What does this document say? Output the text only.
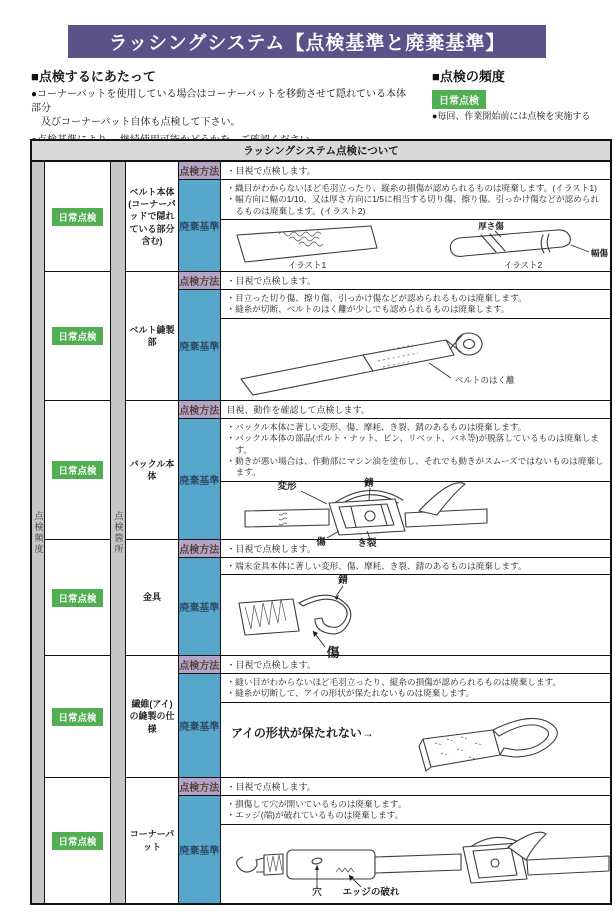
ラッシングシステム【点検基準と廃棄基準】
■点検するにあたって
●コーナーパットを使用している場合はコーナーパットを移動させて隠れている本体部分
　及びコーナーパット自体も点検して下さい。
■点検の頻度
日常点検
●毎回、作業開始前には点検を実施する
ラッシングシステム点検について
点検頻度	点検箇所
日常点検
ベルト本体 (コーナーパッドで隠れている部分含む)
点検方法 ・目視で点検します。
廃棄基準
・織目がわからないほど毛羽立ったり、縦糸の損傷が認められるものは廃棄します。(イラスト1)
・幅方向に幅の1/10、又は厚さ方向に1/5に相当する切り傷、擦り傷、引っかけ傷などが認められるものは廃棄します。(イラスト2)
イラスト1
厚さ傷
幅傷
イラスト2
日常点検
ベルト縫製部
点検方法 ・目視で点検します。
廃棄基準
・目立った切り傷、擦り傷、引っかけ傷などが認められるものは廃棄します。
・縫糸が切断、ベルトのはく離が少しでも認められるものは廃棄します。
ベルトのはく離
日常点検
バックル本体
点検方法 目視、動作を確認して点検します。
廃棄基準
・バックル本体に著しい変形、傷、摩耗、き裂、錆のあるものは廃棄します。
・バックル本体の部品(ボルト・ナット、ピン、リベット、バネ等)が脱落しているものは廃棄します。
・動きが悪い場合は、作動部にマシン油を塗布し、それでも動きがスムーズではないものは廃棄します。
変形	錆
傷	き裂
日常点検	金具
点検方法 ・目視で点検します。
廃棄基準
・端末金具本体に著しい変形、傷、摩耗、き裂、錆のあるものは廃棄します。
錆
傷
日常点検
繊維(アイ)の縫製の仕様
点検方法 ・目視で点検します。
廃棄基準
・縫い目がわからないほど毛羽立ったり、縦糸の損傷が認められるものは廃棄します。
・縫糸が切断して、アイの形状が保たれないものは廃棄します。
アイの形状が保たれない→
日常点検
コーナーパット
点検方法 ・目視で点検します。
廃棄基準
・損傷して穴が開いているものは廃棄します。
・エッジ(端)が破れているものは廃棄します。
穴 エッジの破れ
